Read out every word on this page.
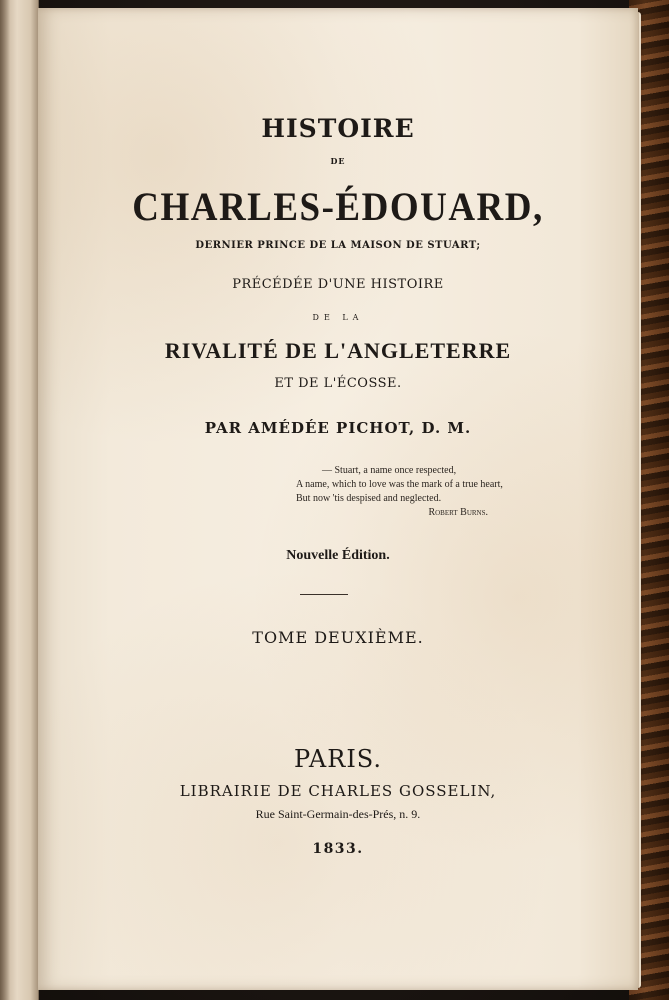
HISTOIRE
DE
CHARLES-ÉDOUARD,
DERNIER PRINCE DE LA MAISON DE STUART;
PRÉCÉDÉE D'UNE HISTOIRE
DE LA
RIVALITÉ DE L'ANGLETERRE
ET DE L'ÉCOSSE.
PAR AMÉDÉE PICHOT, D. M.
— Stuart, a name once respected,
A name, which to love was the mark of a true heart,
But now 'tis despised and neglected.
Robert Burns.
Nouvelle Édition.
TOME DEUXIÈME.
PARIS.
LIBRAIRIE DE CHARLES GOSSELIN,
Rue Saint-Germain-des-Prés, n. 9.
1833.
